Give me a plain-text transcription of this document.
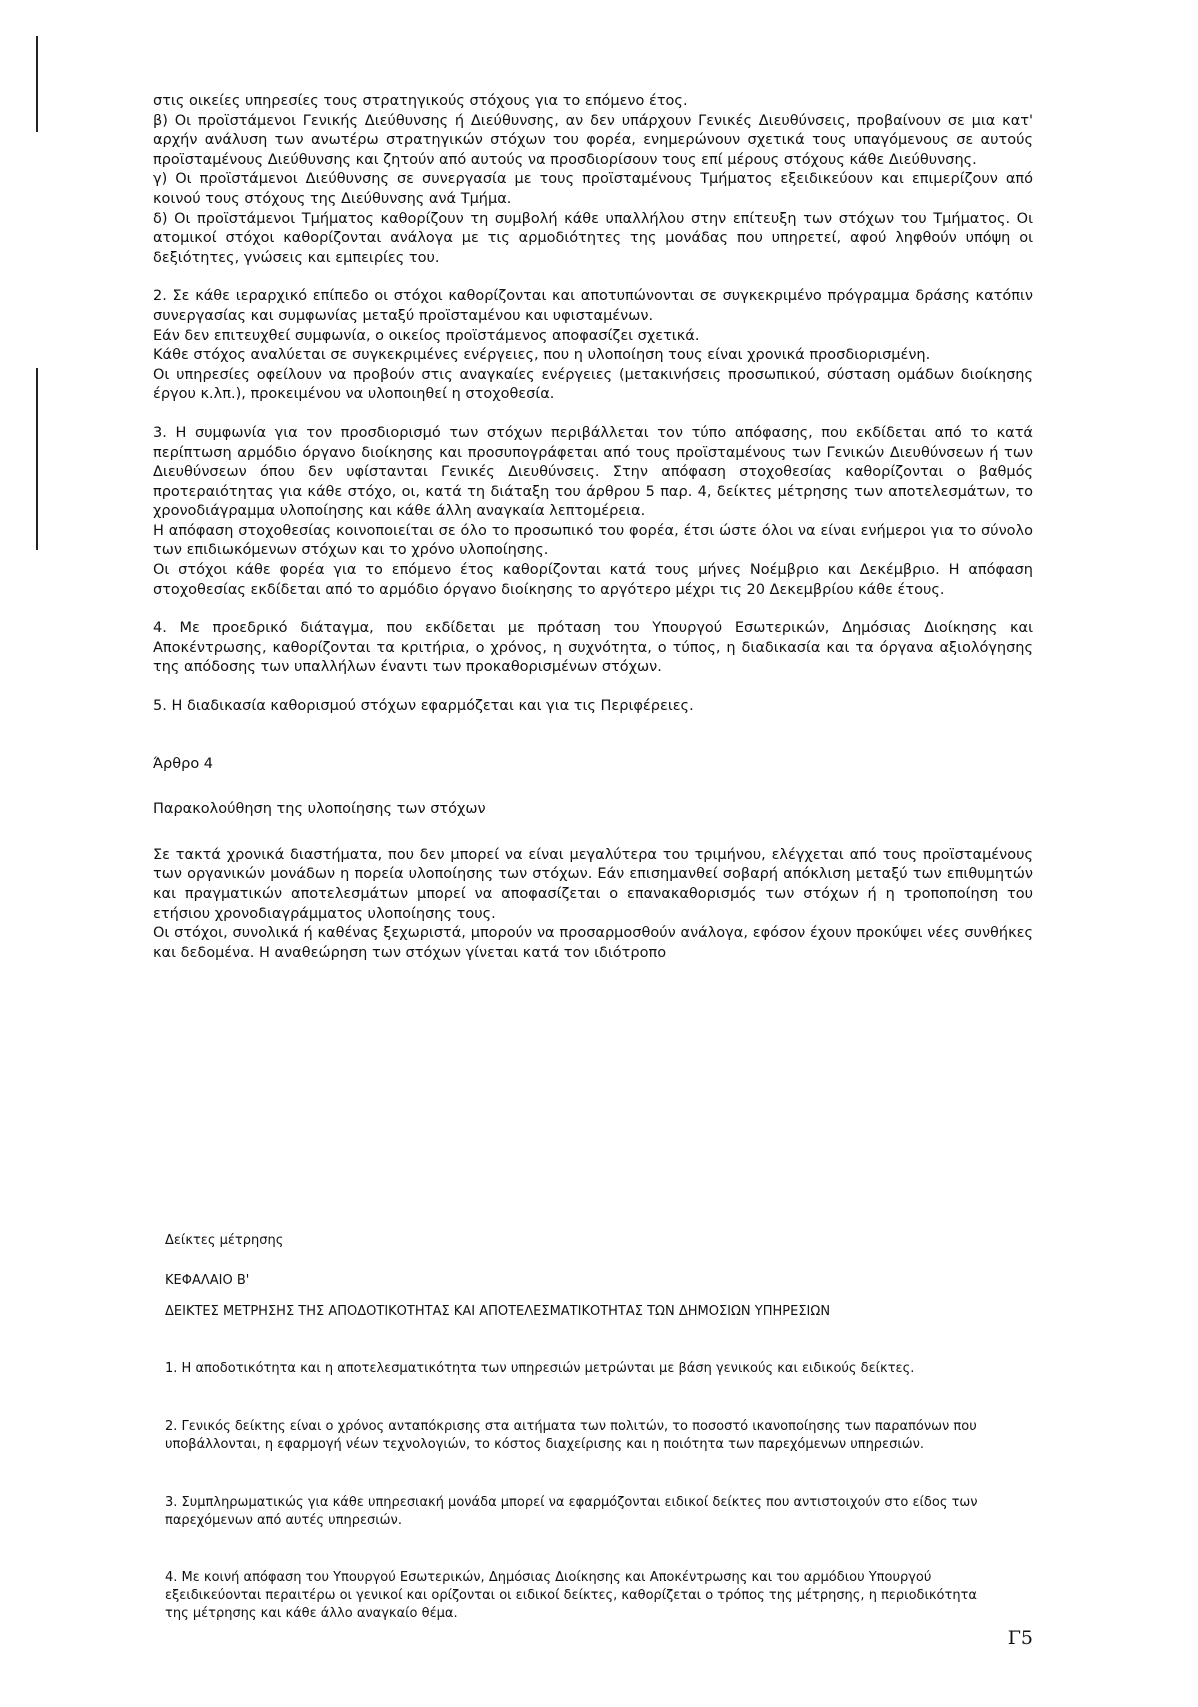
στις οικείες υπηρεσίες τους στρατηγικούς στόχους για το επόμενο έτος.

β) Οι προϊστάμενοι Γενικής Διεύθυνσης ή Διεύθυνσης, αν δεν υπάρχουν Γενικές Διευθύνσεις, προβαίνουν σε μια κατ' αρχήν ανάλυση των ανωτέρω στρατηγικών στόχων του φορέα, ενημερώνουν σχετικά τους υπαγόμενους σε αυτούς προϊσταμένους Διεύθυνσης και ζητούν από αυτούς να προσδιορίσουν τους επί μέρους στόχους κάθε Διεύθυνσης.

γ) Οι προϊστάμενοι Διεύθυνσης σε συνεργασία με τους προϊσταμένους Τμήματος εξειδικεύουν και επιμερίζουν από κοινού τους στόχους της Διεύθυνσης ανά Τμήμα.

δ) Οι προϊστάμενοι Τμήματος καθορίζουν τη συμβολή κάθε υπαλλήλου στην επίτευξη των στόχων του Τμήματος. Οι ατομικοί στόχοι καθορίζονται ανάλογα με τις αρμοδιότητες της μονάδας που υπηρετεί, αφού ληφθούν υπόψη οι δεξιότητες, γνώσεις και εμπειρίες του.

2. Σε κάθε ιεραρχικό επίπεδο οι στόχοι καθορίζονται και αποτυπώνονται σε συγκεκριμένο πρόγραμμα δράσης κατόπιν συνεργασίας και συμφωνίας μεταξύ προϊσταμένου και υφισταμένων.

Εάν δεν επιτευχθεί συμφωνία, ο οικείος προϊστάμενος αποφασίζει σχετικά.

Κάθε στόχος αναλύεται σε συγκεκριμένες ενέργειες, που η υλοποίηση τους είναι χρονικά προσδιορισμένη.

Οι υπηρεσίες οφείλουν να προβούν στις αναγκαίες ενέργειες (μετακινήσεις προσωπικού, σύσταση ομάδων διοίκησης έργου κ.λπ.), προκειμένου να υλοποιηθεί η στοχοθεσία.

3. Η συμφωνία για τον προσδιορισμό των στόχων περιβάλλεται τον τύπο απόφασης, που εκδίδεται από το κατά περίπτωση αρμόδιο όργανο διοίκησης και προσυπογράφεται από τους προϊσταμένους των Γενικών Διευθύνσεων ή των Διευθύνσεων όπου δεν υφίστανται Γενικές Διευθύνσεις. Στην απόφαση στοχοθεσίας καθορίζονται ο βαθμός προτεραιότητας για κάθε στόχο, οι, κατά τη διάταξη του άρθρου 5 παρ. 4, δείκτες μέτρησης των αποτελεσμάτων, το χρονοδιάγραμμα υλοποίησης και κάθε άλλη αναγκαία λεπτομέρεια.

Η απόφαση στοχοθεσίας κοινοποιείται σε όλο το προσωπικό του φορέα, έτσι ώστε όλοι να είναι ενήμεροι για το σύνολο των επιδιωκόμενων στόχων και το χρόνο υλοποίησης.

Οι στόχοι κάθε φορέα για το επόμενο έτος καθορίζονται κατά τους μήνες Νοέμβριο και Δεκέμβριο. Η απόφαση στοχοθεσίας εκδίδεται από το αρμόδιο όργανο διοίκησης το αργότερο μέχρι τις 20 Δεκεμβρίου κάθε έτους.

4. Με προεδρικό διάταγμα, που εκδίδεται με πρόταση του Υπουργού Εσωτερικών, Δημόσιας Διοίκησης και Αποκέντρωσης, καθορίζονται τα κριτήρια, ο χρόνος, η συχνότητα, ο τύπος, η διαδικασία και τα όργανα αξιολόγησης της απόδοσης των υπαλλήλων έναντι των προκαθορισμένων στόχων.

5. Η διαδικασία καθορισμού στόχων εφαρμόζεται και για τις Περιφέρειες.

Άρθρο 4

Παρακολούθηση της υλοποίησης των στόχων

Σε τακτά χρονικά διαστήματα, που δεν μπορεί να είναι μεγαλύτερα του τριμήνου, ελέγχεται από τους προϊσταμένους των οργανικών μονάδων η πορεία υλοποίησης των στόχων. Εάν επισημανθεί σοβαρή απόκλιση μεταξύ των επιθυμητών και πραγματικών αποτελεσμάτων μπορεί να αποφασίζεται ο επανακαθορισμός των στόχων ή η τροποποίηση του ετήσιου χρονοδιαγράμματος υλοποίησης τους.

Οι στόχοι, συνολικά ή καθένας ξεχωριστά, μπορούν να προσαρμοσθούν ανάλογα, εφόσον έχουν προκύψει νέες συνθήκες και δεδομένα. Η αναθεώρηση των στόχων γίνεται κατά τον ιδιότροπο

Δείκτες μέτρησης

ΚΕΦΑΛΑΙΟ Β'

ΔΕΙΚΤΕΣ ΜΕΤΡΗΣΗΣ ΤΗΣ ΑΠΟΔΟΤΙΚΟΤΗΤΑΣ ΚΑΙ ΑΠΟΤΕΛΕΣΜΑΤΙΚΟΤΗΤΑΣ ΤΩΝ ΔΗΜΟΣΙΩΝ ΥΠΗΡΕΣΙΩΝ

1. Η αποδοτικότητα και η αποτελεσματικότητα των υπηρεσιών μετρώνται με βάση γενικούς και ειδικούς δείκτες.

2. Γενικός δείκτης είναι ο χρόνος ανταπόκρισης στα αιτήματα των πολιτών, το ποσοστό ικανοποίησης των παραπόνων που υποβάλλονται, η εφαρμογή νέων τεχνολογιών, το κόστος διαχείρισης και η ποιότητα των παρεχόμενων υπηρεσιών.

3. Συμπληρωματικώς για κάθε υπηρεσιακή μονάδα μπορεί να εφαρμόζονται ειδικοί δείκτες που αντιστοιχούν στο είδος των παρεχόμενων από αυτές υπηρεσιών.

4. Με κοινή απόφαση του Υπουργού Εσωτερικών, Δημόσιας Διοίκησης και Αποκέντρωσης και του αρμόδιου Υπουργού εξειδικεύονται περαιτέρω οι γενικοί και ορίζονται οι ειδικοί δείκτες, καθορίζεται ο τρόπος της μέτρησης, η περιοδικότητα της μέτρησης και κάθε άλλο αναγκαίο θέμα.

Γ5
